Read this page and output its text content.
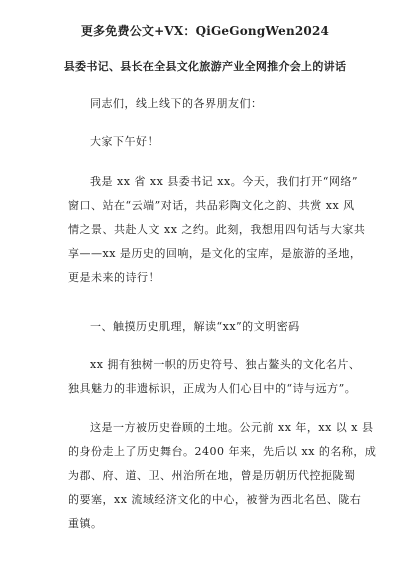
更多免费公文+VX：QiGeGongWen2024
县委书记、县长在全县文化旅游产业全网推介会上的讲话

同志们，线上线下的各界朋友们：

大家下午好！

我是 xx 省 xx 县委书记 xx。今天，我们打开“网络”
窗口、站在“云端”对话，共品彩陶文化之韵、共赏 xx 风
情之景、共赴人文 xx 之约。此刻，我想用四句话与大家共
享——xx 是历史的回响，是文化的宝库，是旅游的圣地，
更是未来的诗行！

一、触摸历史肌理，解读“xx”的文明密码

xx 拥有独树一帜的历史符号、独占鳌头的文化名片、
独具魅力的非遗标识，正成为人们心目中的“诗与远方”。

这是一方被历史眷顾的土地。公元前 xx 年，xx 以 x 县
的身份走上了历史舞台。2400 年来，先后以 xx 的名称，成
为郡、府、道、卫、州治所在地，曾是历朝历代控扼陇蜀
的要塞，xx 流域经济文化的中心，被誉为西北名邑、陇右
重镇。
